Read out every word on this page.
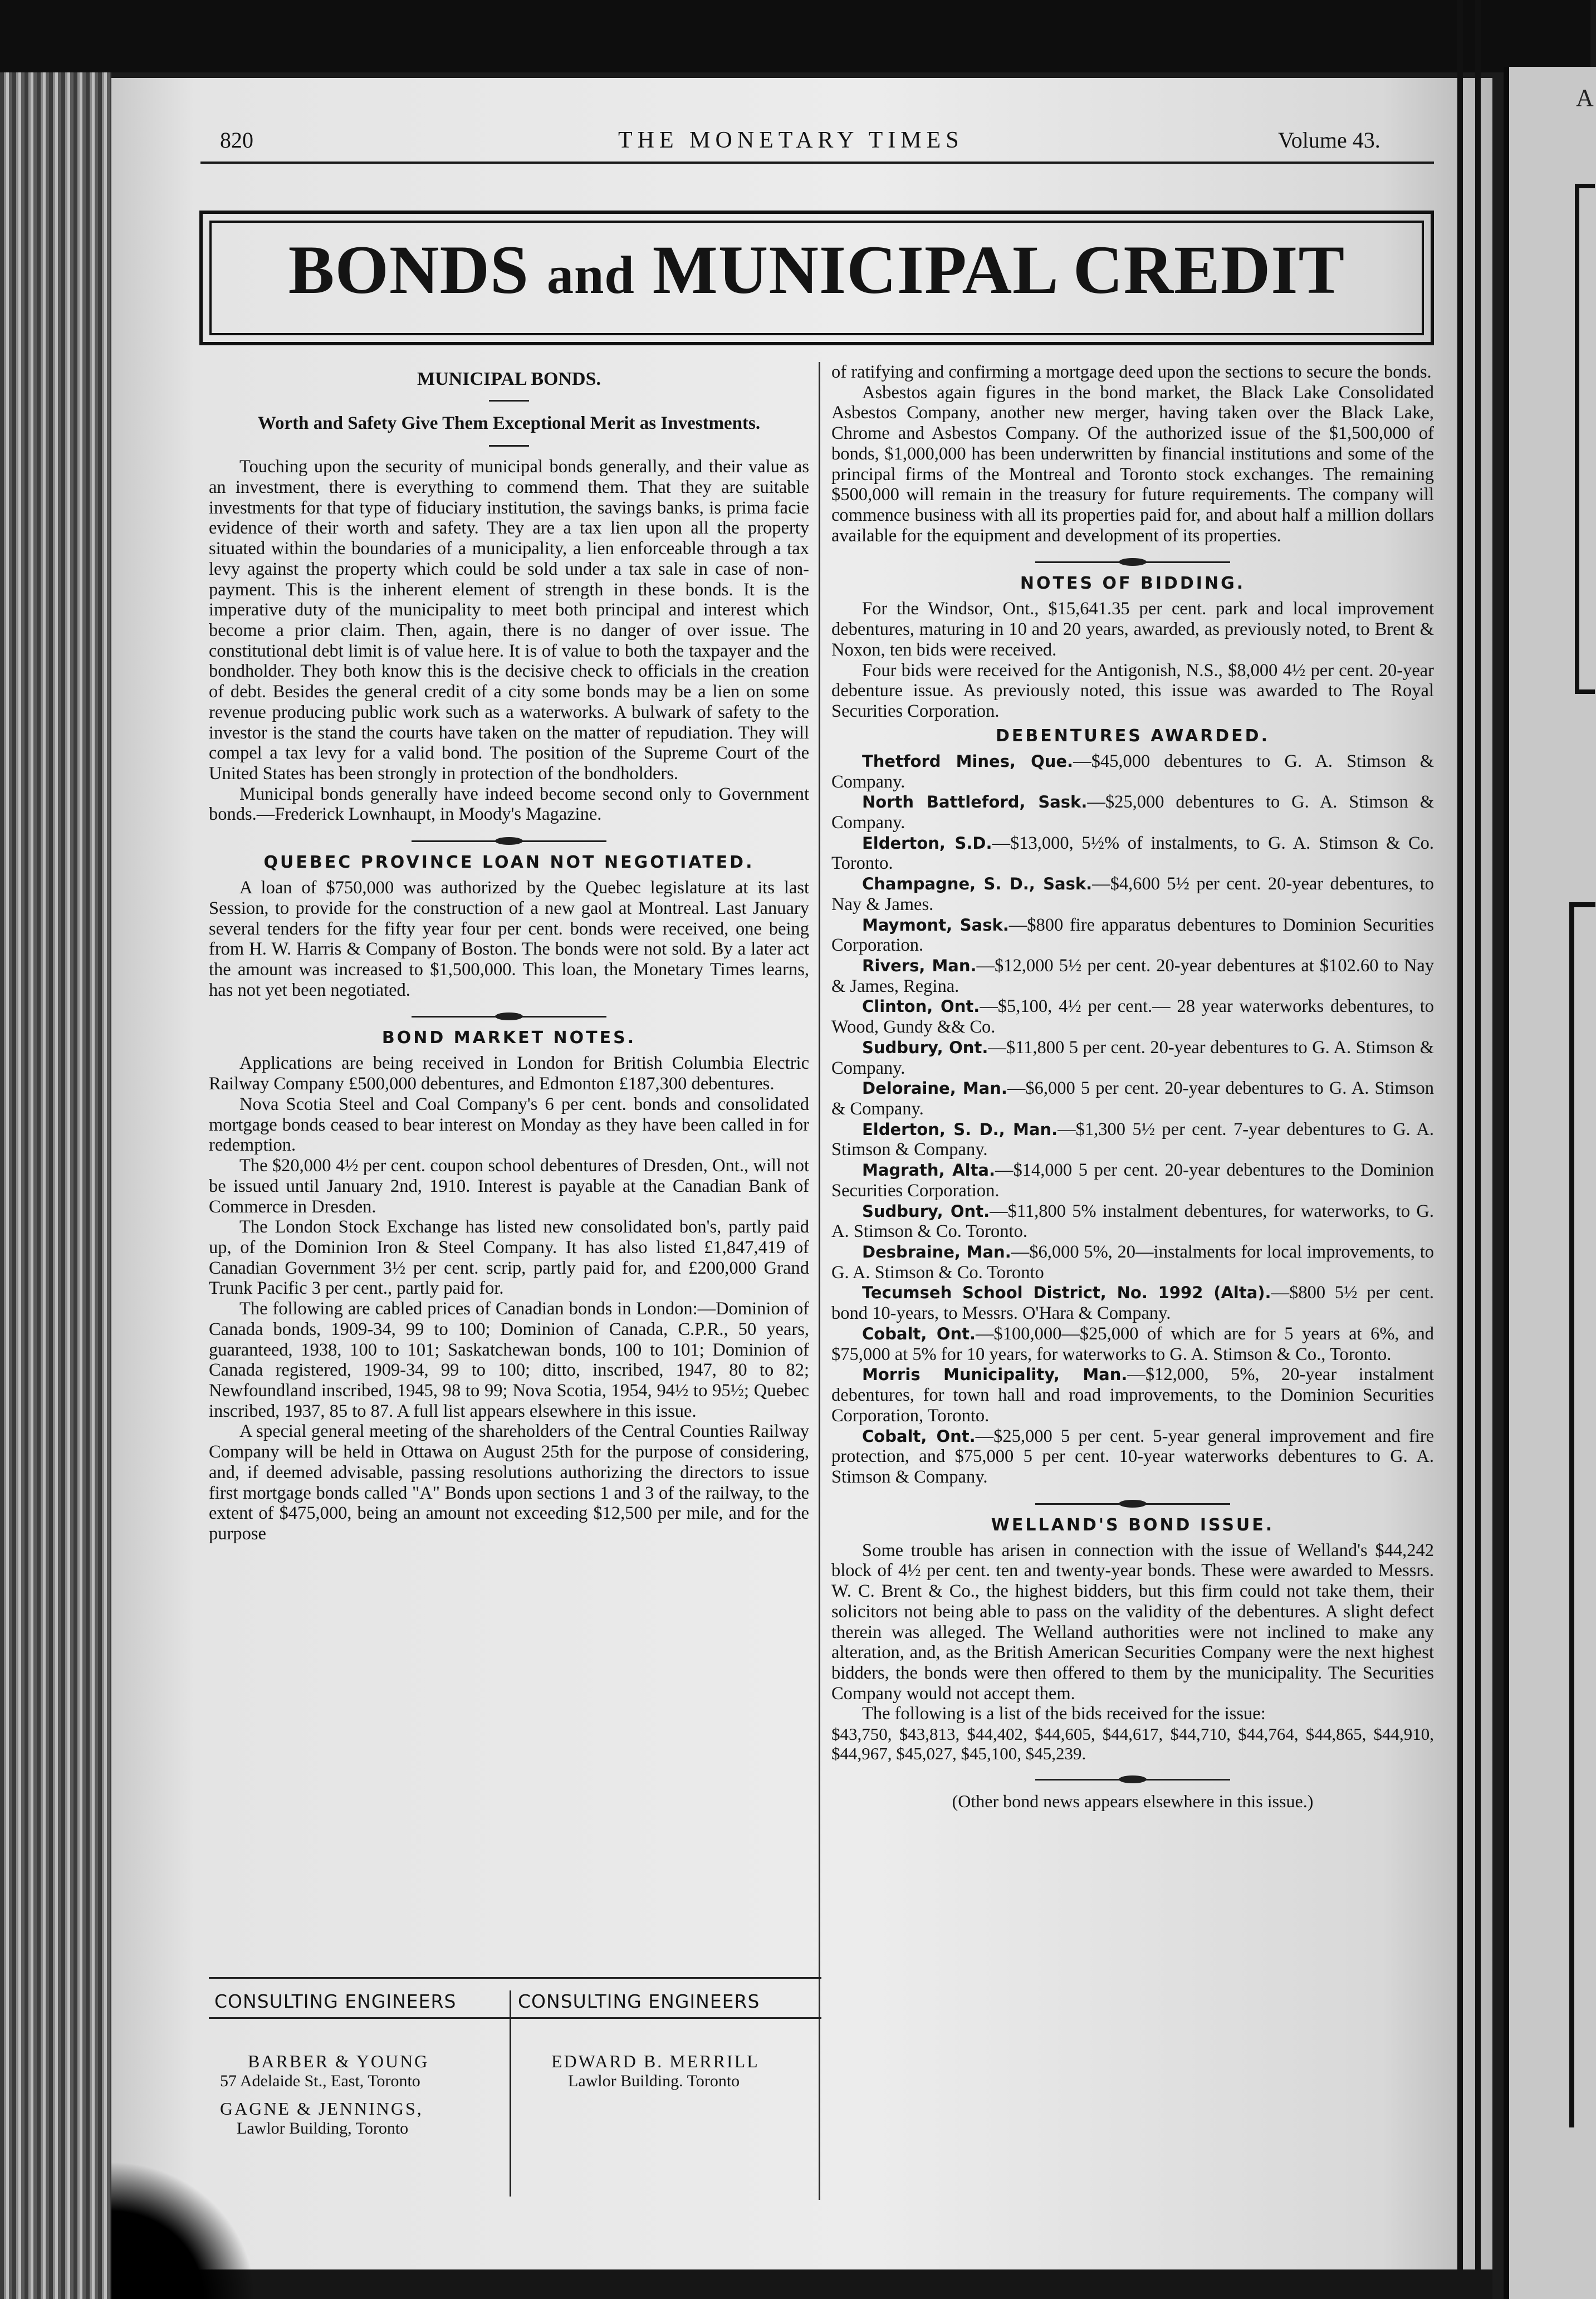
A
820	THE MONETARY TIMES	Volume 43.
BONDS and MUNICIPAL CREDIT
MUNICIPAL BONDS.
Worth and Safety Give Them Exceptional Merit as Investments.

Touching upon the security of municipal bonds generally, and their value as an investment, there is everything to commend them. That they are suitable investments for that type of fiduciary institution, the savings banks, is prima facie evidence of their worth and safety. They are a tax lien upon all the property situated within the boundaries of a municipality, a lien enforceable through a tax levy against the property which could be sold under a tax sale in case of non-payment. This is the inherent element of strength in these bonds. It is the imperative duty of the municipality to meet both principal and interest which become a prior claim. Then, again, there is no danger of over issue. The constitutional debt limit is of value here. It is of value to both the taxpayer and the bondholder. They both know this is the decisive check to officials in the creation of debt. Besides the general credit of a city some bonds may be a lien on some revenue producing public work such as a waterworks. A bulwark of safety to the investor is the stand the courts have taken on the matter of repudiation. They will compel a tax levy for a valid bond. The position of the Supreme Court of the United States has been strongly in protection of the bondholders.

Municipal bonds generally have indeed become second only to Government bonds.—Frederick Lownhaupt, in Moody's Magazine.

QUEBEC PROVINCE LOAN NOT NEGOTIATED.

A loan of $750,000 was authorized by the Quebec legislature at its last Session, to provide for the construction of a new gaol at Montreal. Last January several tenders for the fifty year four per cent. bonds were received, one being from H. W. Harris & Company of Boston. The bonds were not sold. By a later act the amount was increased to $1,500,000. This loan, the Monetary Times learns, has not yet been negotiated.

BOND MARKET NOTES.

Applications are being received in London for British Columbia Electric Railway Company £500,000 debentures, and Edmonton £187,300 debentures.

Nova Scotia Steel and Coal Company's 6 per cent. bonds and consolidated mortgage bonds ceased to bear interest on Monday as they have been called in for redemption.

The $20,000 4½ per cent. coupon school debentures of Dresden, Ont., will not be issued until January 2nd, 1910. Interest is payable at the Canadian Bank of Commerce in Dresden.

The London Stock Exchange has listed new consolidated bon's, partly paid up, of the Dominion Iron & Steel Company. It has also listed £1,847,419 of Canadian Government 3½ per cent. scrip, partly paid for, and £200,000 Grand Trunk Pacific 3 per cent., partly paid for.

The following are cabled prices of Canadian bonds in London:—Dominion of Canada bonds, 1909-34, 99 to 100; Dominion of Canada, C.P.R., 50 years, guaranteed, 1938, 100 to 101; Saskatchewan bonds, 100 to 101; Dominion of Canada registered, 1909-34, 99 to 100; ditto, inscribed, 1947, 80 to 82; Newfoundland inscribed, 1945, 98 to 99; Nova Scotia, 1954, 94½ to 95½; Quebec inscribed, 1937, 85 to 87. A full list appears elsewhere in this issue.

A special general meeting of the shareholders of the Central Counties Railway Company will be held in Ottawa on August 25th for the purpose of considering, and, if deemed advisable, passing resolutions authorizing the directors to issue first mortgage bonds called "A" Bonds upon sections 1 and 3 of the railway, to the extent of $475,000, being an amount not exceeding $12,500 per mile, and for the purpose

of ratifying and confirming a mortgage deed upon the sections to secure the bonds.

Asbestos again figures in the bond market, the Black Lake Consolidated Asbestos Company, another new merger, having taken over the Black Lake, Chrome and Asbestos Company. Of the authorized issue of the $1,500,000 of bonds, $1,000,000 has been underwritten by financial institutions and some of the principal firms of the Montreal and Toronto stock exchanges. The remaining $500,000 will remain in the treasury for future requirements. The company will commence business with all its properties paid for, and about half a million dollars available for the equipment and development of its properties.

NOTES OF BIDDING.

For the Windsor, Ont., $15,641.35 per cent. park and local improvement debentures, maturing in 10 and 20 years, awarded, as previously noted, to Brent & Noxon, ten bids were received.

Four bids were received for the Antigonish, N.S., $8,000 4½ per cent. 20-year debenture issue. As previously noted, this issue was awarded to The Royal Securities Corporation.

DEBENTURES AWARDED.

Thetford Mines, Que.—$45,000 debentures to G. A. Stimson & Company.

North Battleford, Sask.—$25,000 debentures to G. A. Stimson & Company.

Elderton, S.D.—$13,000, 5½% of instalments, to G. A. Stimson & Co. Toronto.

Champagne, S. D., Sask.—$4,600 5½ per cent. 20-year debentures, to Nay & James.

Maymont, Sask.—$800 fire apparatus debentures to Dominion Securities Corporation.

Rivers, Man.—$12,000 5½ per cent. 20-year debentures at $102.60 to Nay & James, Regina.

Clinton, Ont.—$5,100, 4½ per cent.— 28 year waterworks debentures, to Wood, Gundy && Co.

Sudbury, Ont.—$11,800 5 per cent. 20-year debentures to G. A. Stimson & Company.

Deloraine, Man.—$6,000 5 per cent. 20-year debentures to G. A. Stimson & Company.

Elderton, S. D., Man.—$1,300 5½ per cent. 7-year debentures to G. A. Stimson & Company.

Magrath, Alta.—$14,000 5 per cent. 20-year debentures to the Dominion Securities Corporation.

Sudbury, Ont.—$11,800 5% instalment debentures, for waterworks, to G. A. Stimson & Co. Toronto.

Desbraine, Man.—$6,000 5%, 20—instalments for local improvements, to G. A. Stimson & Co. Toronto

Tecumseh School District, No. 1992 (Alta).—$800 5½ per cent. bond 10-years, to Messrs. O'Hara & Company.

Cobalt, Ont.—$100,000—$25,000 of which are for 5 years at 6%, and $75,000 at 5% for 10 years, for waterworks to G. A. Stimson & Co., Toronto.

Morris Municipality, Man.—$12,000, 5%, 20-year instalment debentures, for town hall and road improvements, to the Dominion Securities Corporation, Toronto.

Cobalt, Ont.—$25,000 5 per cent. 5-year general improvement and fire protection, and $75,000 5 per cent. 10-year waterworks debentures to G. A. Stimson & Company.

WELLAND'S BOND ISSUE.

Some trouble has arisen in connection with the issue of Welland's $44,242 block of 4½ per cent. ten and twenty-year bonds. These were awarded to Messrs. W. C. Brent & Co., the highest bidders, but this firm could not take them, their solicitors not being able to pass on the validity of the debentures. A slight defect therein was alleged. The Welland authorities were not inclined to make any alteration, and, as the British American Securities Company were the next highest bidders, the bonds were then offered to them by the municipality. The Securities Company would not accept them.

The following is a list of the bids received for the issue:

$43,750, $43,813, $44,402, $44,605, $44,617, $44,710, $44,764, $44,865, $44,910, $44,967, $45,027, $45,100, $45,239.

(Other bond news appears elsewhere in this issue.)
CONSULTING ENGINEERS
BARBER & YOUNG
57 Adelaide St., East, Toronto
GAGNE & JENNINGS,
Lawlor Building, Toronto
CONSULTING ENGINEERS
EDWARD B. MERRILL
Lawlor Building. Toronto
